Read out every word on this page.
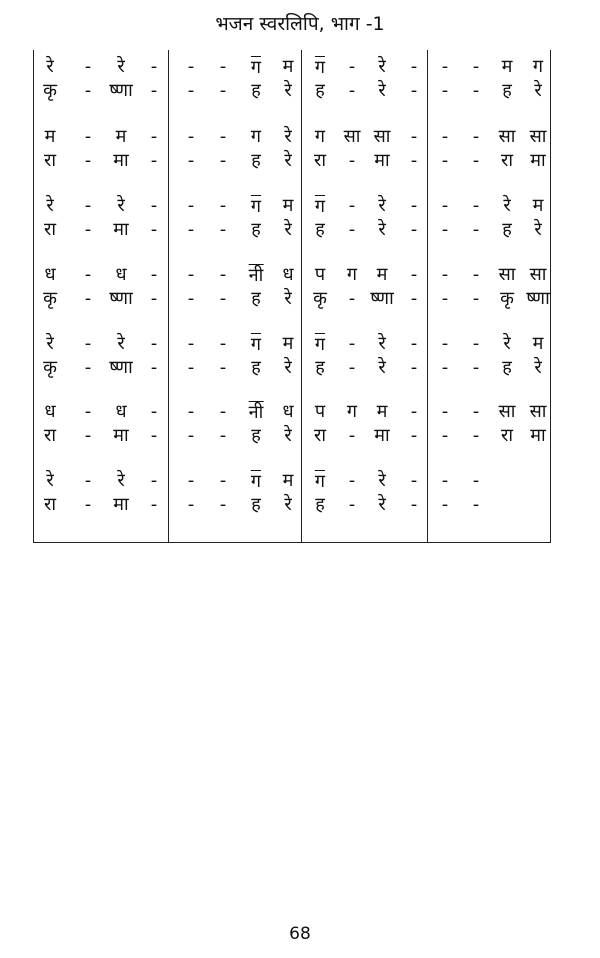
भजन स्वरलिपि, भाग -1
रे - रे - - - ग म ग - रे - - - म ग
कृ - ष्णा - - - ह रे ह - रे - - - ह रे
म - म - - - ग रे ग सा सा - - - सा सा
रा - मा - - - ह रे रा - मा - - - रा मा
रे - रे - - - ग म ग - रे - - - रे म
रा - मा - - - ह रे ह - रे - - - ह रे
ध - ध - - - नी ध प ग म - - - सा सा
कृ - ष्णा - - - ह रे कृ - ष्णा - - - कृ ष्णा
रे - रे - - - ग म ग - रे - - - रे म
कृ - ष्णा - - - ह रे ह - रे - - - ह रे
ध - ध - - - नी ध प ग म - - - सा सा
रा - मा - - - ह रे रा - मा - - - रा मा
रे - रे - - - ग म ग - रे - - -
रा - मा - - - ह रे ह - रे - - -
68
